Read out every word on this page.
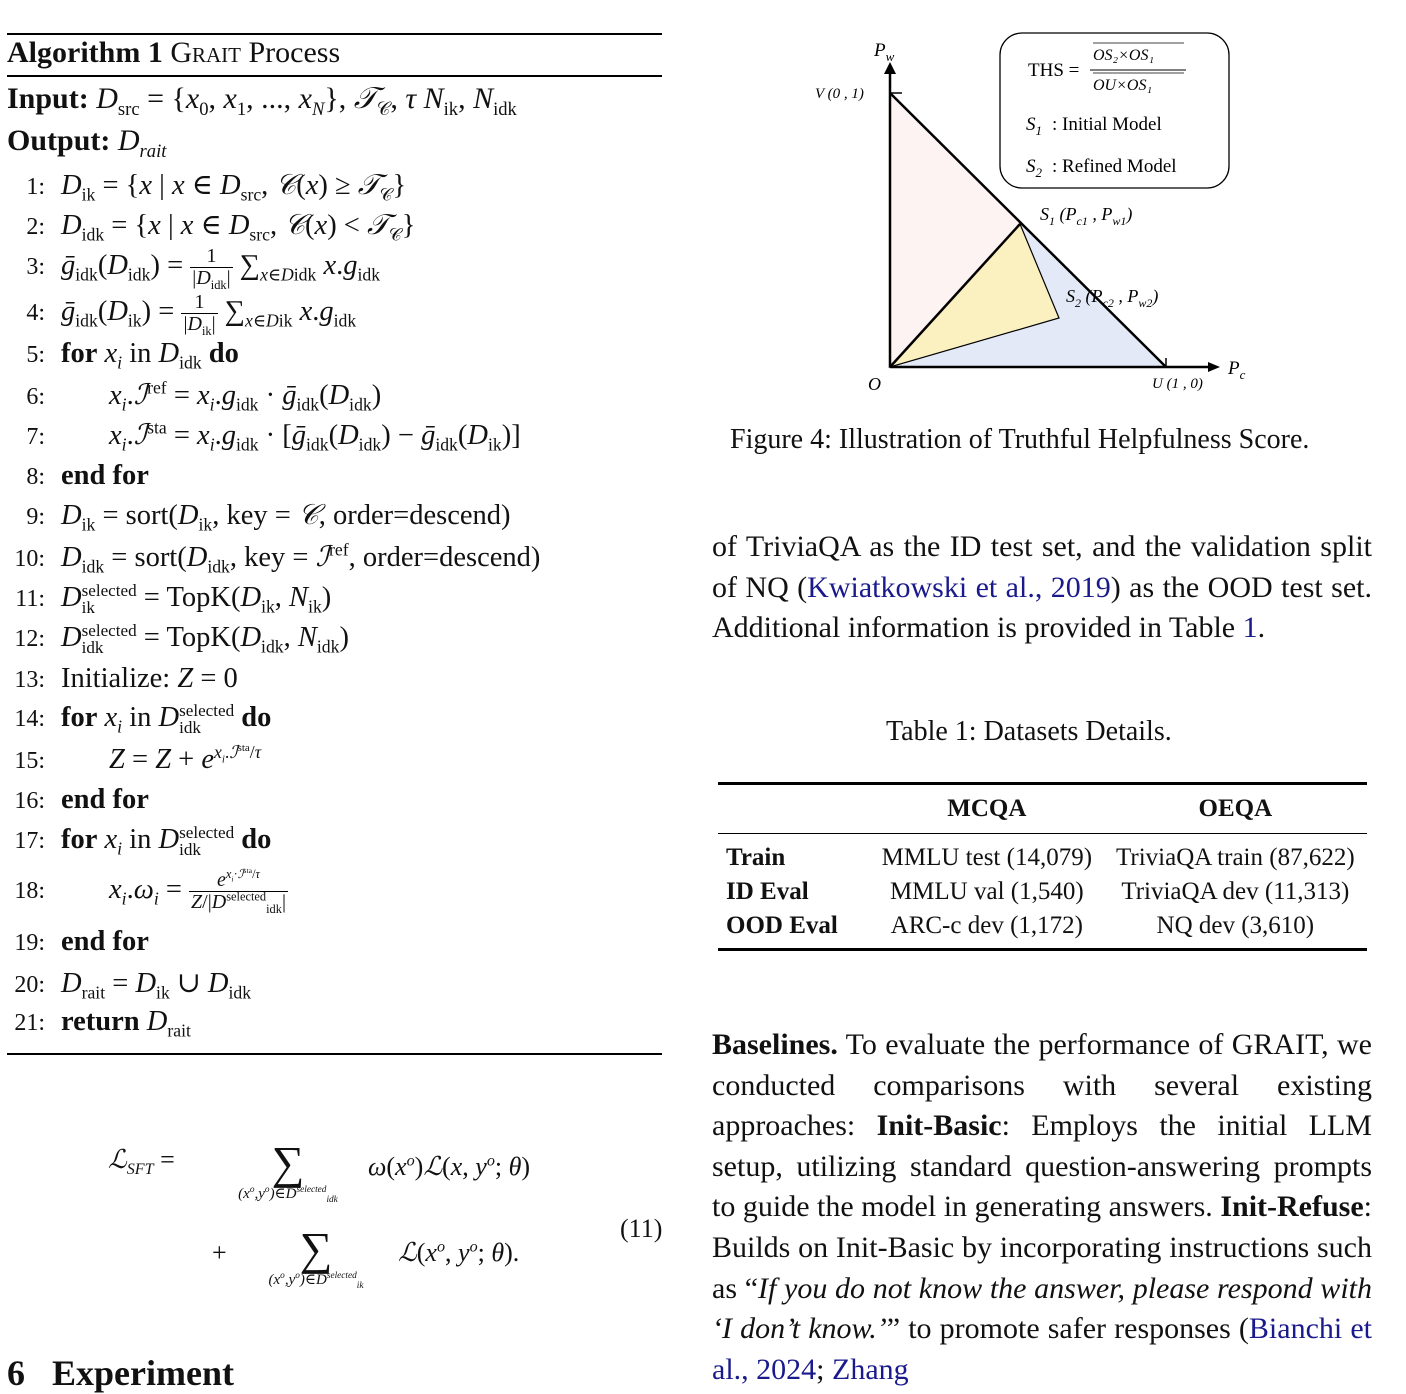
Algorithm 1 Grait Process
Input: $D_{src} = \{x_0$, $x_1$, ..., $x_N$}, 𝒯$_𝒞$, τ $N_{ik}$, $N_{idk}$
Output: $D_{rait}$
1: $D_{ik} = \{x$ | x ∈ $D_{src}$, 𝒞(x) ≥ 𝒯$_𝒞$}
2: $D_{idk} = \{x$ | x ∈ $D_{src}$, 𝒞(x) < 𝒯$_𝒞$}
3: $ḡ_{idk}(D_{idk}) = \frac{1}{|D_{idk}|} \sum_{x\in Didk}$ $x.g_{idk}$
4: $ḡ_{idk}(D_{ik}) = \frac{1}{|D_{ik}|} \sum_{x\in Dik}$ $x.g_{idk}$
5: for $x_i$ in $D_{idk}$ do
6: $x_i.ℐ^{ref} = x_i.g_{idk}$ · $ḡ_{idk}(D_{idk})$
7: $x_i.ℐ^{sta} = x_i.g_{idk}$ · [$ḡ_{idk}(D_{idk})$ − $ḡ_{idk}(D_{ik})$]
8: end for
9: $D_{ik}$ = $sort(D_{ik}$, key = 𝒞, order=descend)
10: $D_{idk}$ = $sort(D_{idk}$, key = ℐ$^{ref}$, order=descend)
11: D selected
ik	= $TopK(D_{ik}$, $N_{ik}$)
12: D selected
idk	= $TopK(D_{idk}$, $N_{idk}$)
13: Initialize: Z = 0
14: for $x_i$ in D selected
idk	do
15: $Z = Z + e^{x_i.ℐ^{sta}/\tau}$
16: end for
17: for $x_i$ in D selected
idk	do
18: $x_i.\omega_i = \frac{e^{x_i\cdot ℐ^{sta}/\tau}}{Z/|D^{selected}_{idk}|}$
19: end for
20: $D_{rait} = D_{ik}$ ∪ $D_{idk}$
21: return $D_{rait}$
ℒ$_{SFT}$ =	∑
$(x^o,y^o)\in D^{selected}_{idk}$
$\omega(x^o)ℒ(x$, $y^o$; θ)
+	∑
$(x^o,y^o)\in D^{selected}_{ik}$
$ℒ(x^o$, $y^o$; θ).
(11)
6 Experiment
$P_w$
V (0 , 1)
O	U (1 , 0)
$P_c$
$S_1$ ($P_{c1}$ , $P_{w1}$)
$S_2$ ($P_{c2}$ , $P_{w2}$)
THS =
OS₂×OS₁
OU×OS₁
$S_1$ : Initial Model
$S_2$ : Refined Model
Figure 4: Illustration of Truthful Helpfulness Score.
of TriviaQA as the ID test set, and the validation split of NQ (Kwiatkowski et al., 2019) as the OOD test set. Additional information is provided in Table 1.
Table 1: Datasets Details.
	MCQA	OEQA
Train	MMLU test (14,079)	TriviaQA train (87,622)
ID Eval	MMLU val (1,540)	TriviaQA dev (11,313)
OOD Eval	ARC-c dev (1,172)	NQ dev (3,610)
Baselines. To evaluate the performance of GRAIT, we conducted comparisons with several existing approaches: Init-Basic: Employs the initial LLM setup, utilizing standard question-answering prompts to guide the model in generating answers. Init-Refuse: Builds on Init-Basic by incorporating instructions such as “If you do not know the answer, please respond with ‘I don’t know.’” to promote safer responses (Bianchi et al., 2024; Zhang
